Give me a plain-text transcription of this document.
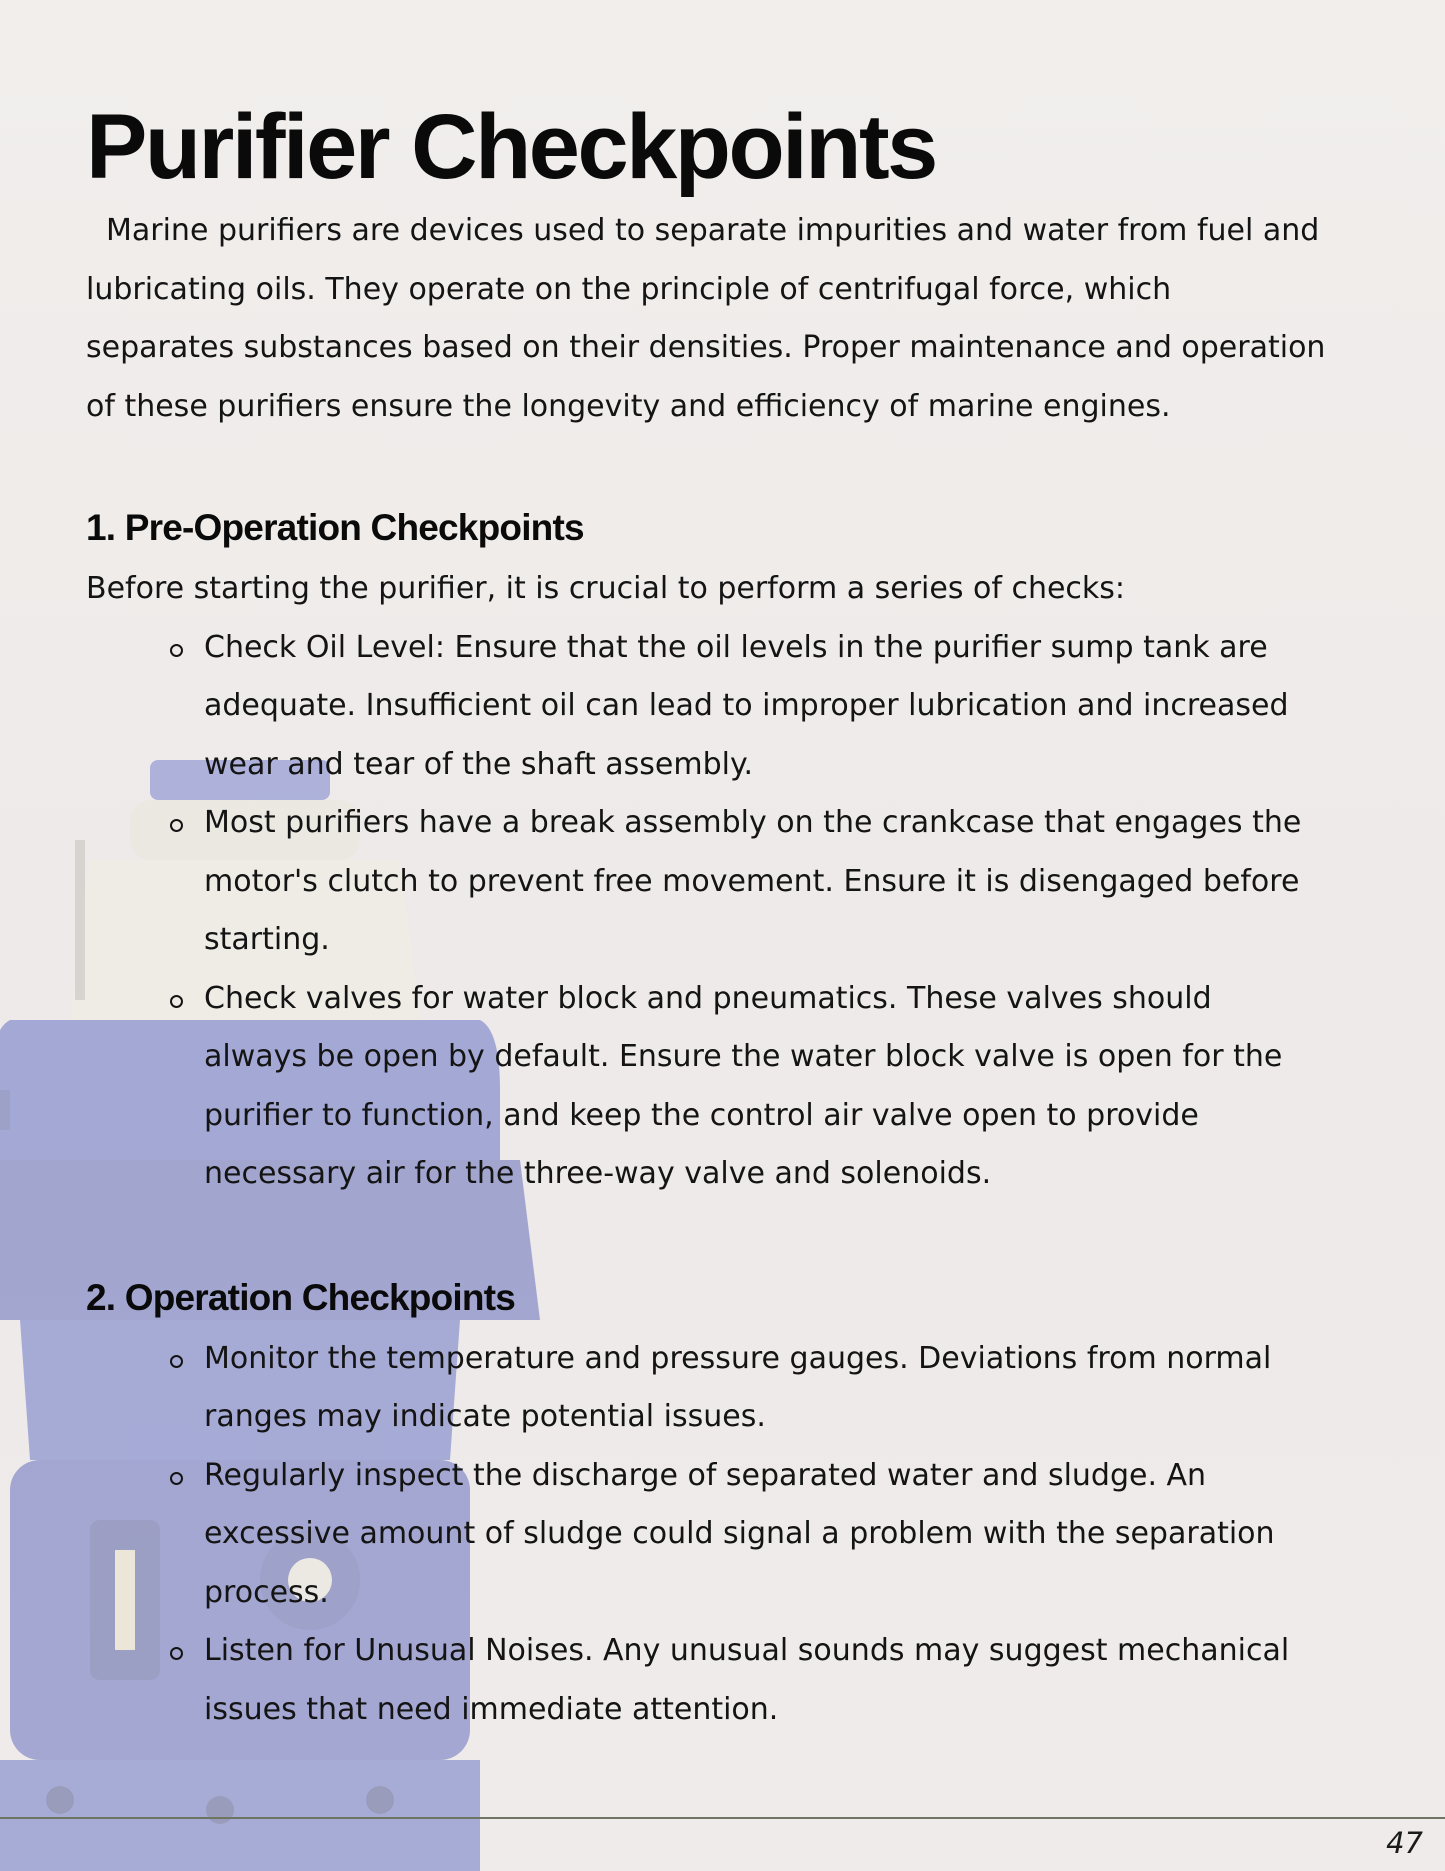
Purifier Checkpoints

Marine purifiers are devices used to separate impurities and water from fuel and lubricating oils. They operate on the principle of centrifugal force, which separates substances based on their densities. Proper maintenance and operation of these purifiers ensure the longevity and efficiency of marine engines.

1. Pre-Operation Checkpoints

Before starting the purifier, it is crucial to perform a series of checks:

Check Oil Level: Ensure that the oil levels in the purifier sump tank are adequate. Insufficient oil can lead to improper lubrication and increased wear and tear of the shaft assembly.
Most purifiers have a break assembly on the crankcase that engages the motor's clutch to prevent free movement. Ensure it is disengaged before starting.
Check valves for water block and pneumatics. These valves should always be open by default. Ensure the water block valve is open for the purifier to function, and keep the control air valve open to provide necessary air for the three-way valve and solenoids.
2. Operation Checkpoints
Monitor the temperature and pressure gauges. Deviations from normal ranges may indicate potential issues.
Regularly inspect the discharge of separated water and sludge. An excessive amount of sludge could signal a problem with the separation process.
Listen for Unusual Noises. Any unusual sounds may suggest mechanical issues that need immediate attention.
47
